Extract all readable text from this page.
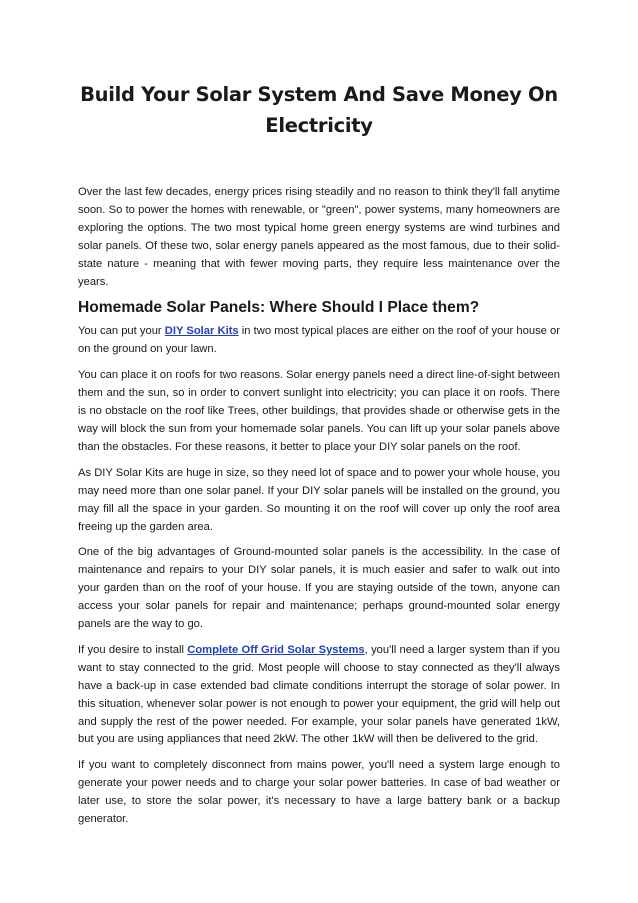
Build Your Solar System And Save Money On
Electricity

Over the last few decades, energy prices rising steadily and no reason to think they'll fall anytime soon. So to power the homes with renewable, or "green", power systems, many homeowners are exploring the options. The two most typical home green energy systems are wind turbines and solar panels. Of these two, solar energy panels appeared as the most famous, due to their solid-state nature - meaning that with fewer moving parts, they require less maintenance over the years.

Homemade Solar Panels: Where Should I Place them?

You can put your DIY Solar Kits in two most typical places are either on the roof of your house or on the ground on your lawn.

You can place it on roofs for two reasons. Solar energy panels need a direct line-of-sight between them and the sun, so in order to convert sunlight into electricity; you can place it on roofs. There is no obstacle on the roof like Trees, other buildings, that provides shade or otherwise gets in the way will block the sun from your homemade solar panels. You can lift up your solar panels above than the obstacles. For these reasons, it better to place your DIY solar panels on the roof.

As DIY Solar Kits are huge in size, so they need lot of space and to power your whole house, you may need more than one solar panel. If your DIY solar panels will be installed on the ground, you may fill all the space in your garden. So mounting it on the roof will cover up only the roof area freeing up the garden area.

One of the big advantages of Ground-mounted solar panels is the accessibility. In the case of maintenance and repairs to your DIY solar panels, it is much easier and safer to walk out into your garden than on the roof of your house. If you are staying outside of the town, anyone can access your solar panels for repair and maintenance; perhaps ground-mounted solar energy panels are the way to go.

If you desire to install Complete Off Grid Solar Systems, you'll need a larger system than if you want to stay connected to the grid. Most people will choose to stay connected as they'll always have a back-up in case extended bad climate conditions interrupt the storage of solar power. In this situation, whenever solar power is not enough to power your equipment, the grid will help out and supply the rest of the power needed. For example, your solar panels have generated 1kW, but you are using appliances that need 2kW. The other 1kW will then be delivered to the grid.

If you want to completely disconnect from mains power, you'll need a system large enough to generate your power needs and to charge your solar power batteries. In case of bad weather or later use, to store the solar power, it's necessary to have a large battery bank or a backup generator.
